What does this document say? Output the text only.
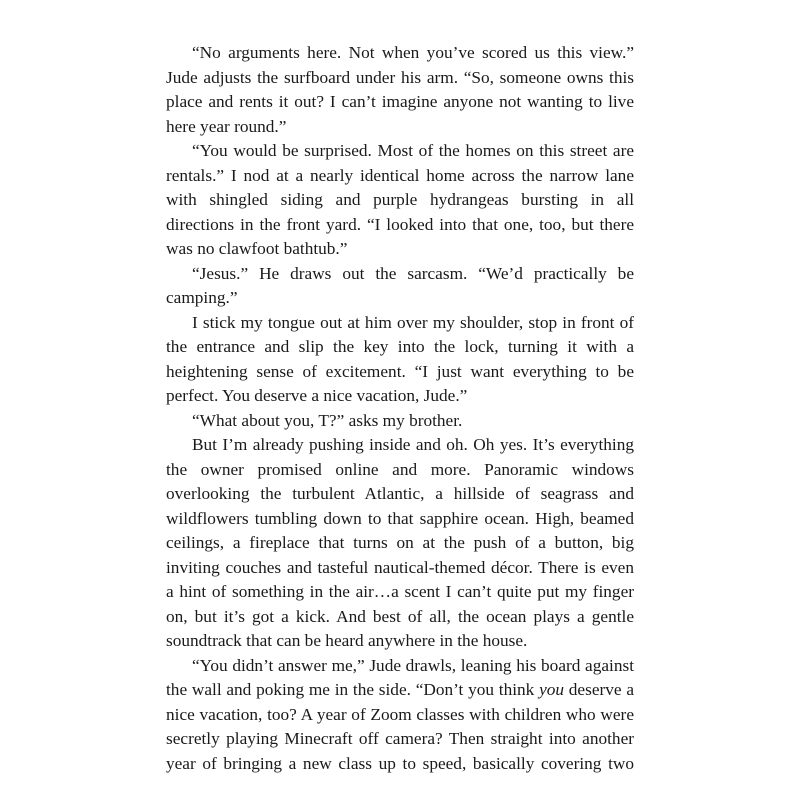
“No arguments here. Not when you’ve scored us this view.” Jude adjusts the surfboard under his arm. “So, someone owns this place and rents it out? I can’t imagine anyone not wanting to live here year round.”

“You would be surprised. Most of the homes on this street are rentals.” I nod at a nearly identical home across the narrow lane with shingled siding and purple hydrangeas bursting in all directions in the front yard. “I looked into that one, too, but there was no clawfoot bathtub.”

“Jesus.” He draws out the sarcasm. “We’d practically be camping.”

I stick my tongue out at him over my shoulder, stop in front of the entrance and slip the key into the lock, turning it with a heightening sense of excitement. “I just want everything to be perfect. You deserve a nice vacation, Jude.”

“What about you, T?” asks my brother.

But I’m already pushing inside and oh. Oh yes. It’s everything the owner promised online and more. Panoramic windows overlooking the turbulent Atlantic, a hillside of seagrass and wildflowers tumbling down to that sapphire ocean. High, beamed ceilings, a fireplace that turns on at the push of a button, big inviting couches and tasteful nautical-themed décor. There is even a hint of something in the air…a scent I can’t quite put my finger on, but it’s got a kick. And best of all, the ocean plays a gentle soundtrack that can be heard anywhere in the house.

“You didn’t answer me,” Jude drawls, leaning his board against the wall and poking me in the side. “Don’t you think you deserve a nice vacation, too? A year of Zoom classes with children who were secretly playing Minecraft off camera? Then straight into another year of bringing a new class up to speed, basically covering two
